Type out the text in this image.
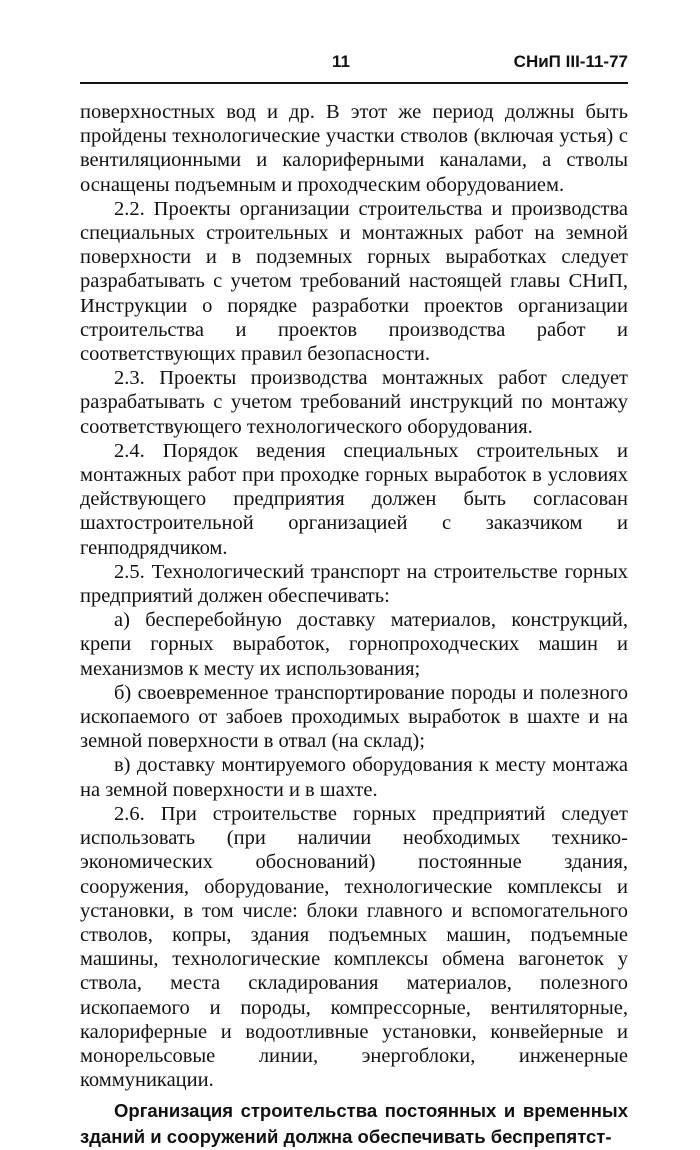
11	СНиП III-11-77

поверхностных вод и др. В этот же период должны быть пройдены технологические участки стволов (включая устья) с вентиляционными и калориферными каналами, а стволы оснащены подъемным и проходческим оборудованием.

2.2. Проекты организации строительства и производства специальных строительных и монтажных работ на земной поверхности и в подземных горных выработках следует разрабатывать с учетом требований настоящей главы СНиП, Инструкции о порядке разработки проектов организации строительства и проектов производства работ и соответствующих правил безопасности.

2.3. Проекты производства монтажных работ следует разрабатывать с учетом требований инструкций по монтажу соответствующего технологического оборудования.

2.4. Порядок ведения специальных строительных и монтажных работ при проходке горных выработок в условиях действующего предприятия должен быть согласован шахтостроительной организацией с заказчиком и генподрядчиком.

2.5. Технологический транспорт на строительстве горных предприятий должен обеспечивать:

а) бесперебойную доставку материалов, конструкций, крепи горных выработок, горнопроходческих машин и механизмов к месту их использования;

б) своевременное транспортирование породы и полезного ископаемого от забоев проходимых выработок в шахте и на земной поверхности в отвал (на склад);

в) доставку монтируемого оборудования к месту монтажа на земной поверхности и в шахте.

2.6. При строительстве горных предприятий следует использовать (при наличии необходимых технико-экономических обоснований) постоянные здания, сооружения, оборудование, технологические комплексы и установки, в том числе: блоки главного и вспомогательного стволов, копры, здания подъемных машин, подъемные машины, технологические комплексы обмена вагонеток у ствола, места складирования материалов, полезного ископаемого и породы, компрессорные, вентиляторные, калориферные и водоотливные установки, конвейерные и монорельсовые линии, энергоблоки, инженерные коммуникации.

Организация строительства постоянных и временных зданий и сооружений должна обеспечивать беспрепятст-
